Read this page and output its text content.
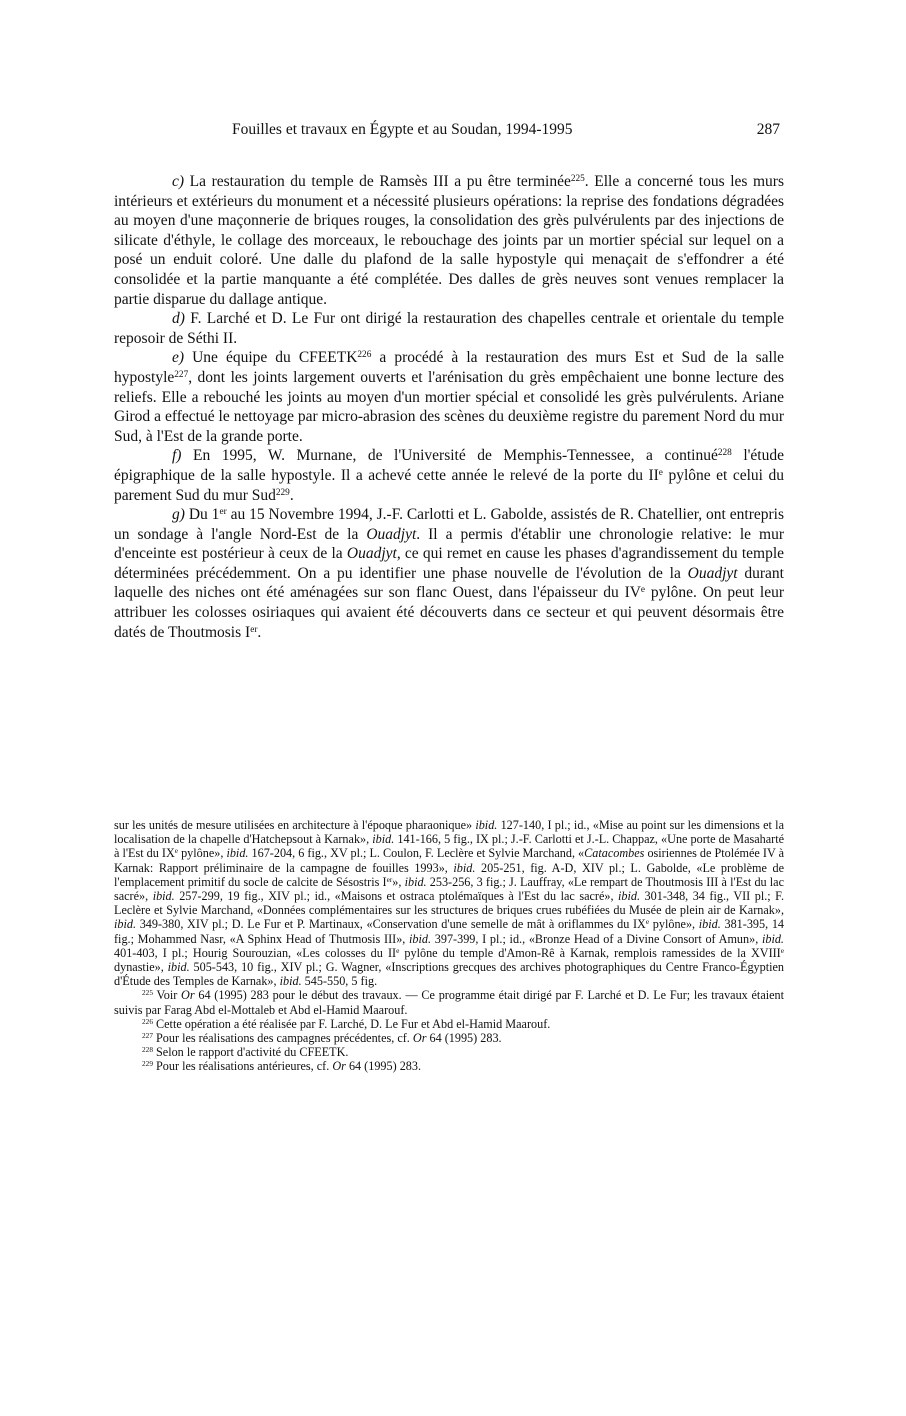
Fouilles et travaux en Égypte et au Soudan, 1994-1995	287

c) La restauration du temple de Ramsès III a pu être terminée$^{225}$. Elle a concerné tous les murs intérieurs et extérieurs du monument et a nécessité plusieurs opérations: la reprise des fondations dégradées au moyen d'une maçonnerie de briques rouges, la consolidation des grès pulvérulents par des injections de silicate d'éthyle, le collage des morceaux, le rebouchage des joints par un mortier spécial sur lequel on a posé un enduit coloré. Une dalle du plafond de la salle hypostyle qui menaçait de s'effondrer a été consolidée et la partie manquante a été complétée. Des dalles de grès neuves sont venues remplacer la partie disparue du dallage antique.

d) F. Larché et D. Le Fur ont dirigé la restauration des chapelles centrale et orientale du temple reposoir de Séthi II.

e) Une équipe du CFEETK$^{226}$ a procédé à la restauration des murs Est et Sud de la salle hypostyle$^{227}$, dont les joints largement ouverts et l'arénisation du grès empêchaient une bonne lecture des reliefs. Elle a rebouché les joints au moyen d'un mortier spécial et consolidé les grès pulvérulents. Ariane Girod a effectué le nettoyage par micro-abrasion des scènes du deuxième registre du parement Nord du mur Sud, à l'Est de la grande porte.

f) En 1995, W. Murnane, de l'Université de Memphis-Tennessee, a continué$^{228}$ l'étude épigraphique de la salle hypostyle. Il a achevé cette année le relevé de la porte du IIe pylône et celui du parement Sud du mur Sud$^{229}$.

g) Du 1er au 15 Novembre 1994, J.-F. Carlotti et L. Gabolde, assistés de R. Chatellier, ont entrepris un sondage à l'angle Nord-Est de la Ouadjyt. Il a permis d'établir une chronologie relative: le mur d'enceinte est postérieur à ceux de la Ouadjyt, ce qui remet en cause les phases d'agrandissement du temple déterminées précédemment. On a pu identifier une phase nouvelle de l'évolution de la Ouadjyt durant laquelle des niches ont été aménagées sur son flanc Ouest, dans l'épaisseur du IVe pylône. On peut leur attribuer les colosses osiriaques qui avaient été découverts dans ce secteur et qui peuvent désormais être datés de Thoutmosis Ier.

sur les unités de mesure utilisées en architecture à l'époque pharaonique» ibid. 127-140, I pl.; id., «Mise au point sur les dimensions et la localisation de la chapelle d'Hatchepsout à Karnak», ibid. 141-166, 5 fig., IX pl.; J.-F. Carlotti et J.-L. Chappaz, «Une porte de Masaharté à l'Est du IXe pylône», ibid. 167-204, 6 fig., XV pl.; L. Coulon, F. Leclère et Sylvie Marchand, «Catacombes osiriennes de Ptolémée IV à Karnak: Rapport préliminaire de la campagne de fouilles 1993», ibid. 205-251, fig. A-D, XIV pl.; L. Gabolde, «Le problème de l'emplacement primitif du socle de calcite de Sésostris Ier», ibid. 253-256, 3 fig.; J. Lauffray, «Le rempart de Thoutmosis III à l'Est du lac sacré», ibid. 257-299, 19 fig., XIV pl.; id., «Maisons et ostraca ptolémaïques à l'Est du lac sacré», ibid. 301-348, 34 fig., VII pl.; F. Leclère et Sylvie Marchand, «Données complémentaires sur les structures de briques crues rubéfiées du Musée de plein air de Karnak», ibid. 349-380, XIV pl.; D. Le Fur et P. Martinaux, «Conservation d'une semelle de mât à oriflammes du IXe pylône», ibid. 381-395, 14 fig.; Mohammed Nasr, «A Sphinx Head of Thutmosis III», ibid. 397-399, I pl.; id., «Bronze Head of a Divine Consort of Amun», ibid. 401-403, I pl.; Hourig Sourouzian, «Les colosses du IIe pylône du temple d'Amon-Rê à Karnak, remplois ramessides de la XVIIIe dynastie», ibid. 505-543, 10 fig., XIV pl.; G. Wagner, «Inscriptions grecques des archives photographiques du Centre Franco-Égyptien d'Étude des Temples de Karnak», ibid. 545-550, 5 fig.

$^{225}$ Voir Or 64 (1995) 283 pour le début des travaux. — Ce programme était dirigé par F. Larché et D. Le Fur; les travaux étaient suivis par Farag Abd el-Mottaleb et Abd el-Hamid Maarouf.

$^{226}$ Cette opération a été réalisée par F. Larché, D. Le Fur et Abd el-Hamid Maarouf.

$^{227}$ Pour les réalisations des campagnes précédentes, cf. Or 64 (1995) 283.

$^{228}$ Selon le rapport d'activité du CFEETK.

$^{229}$ Pour les réalisations antérieures, cf. Or 64 (1995) 283.
